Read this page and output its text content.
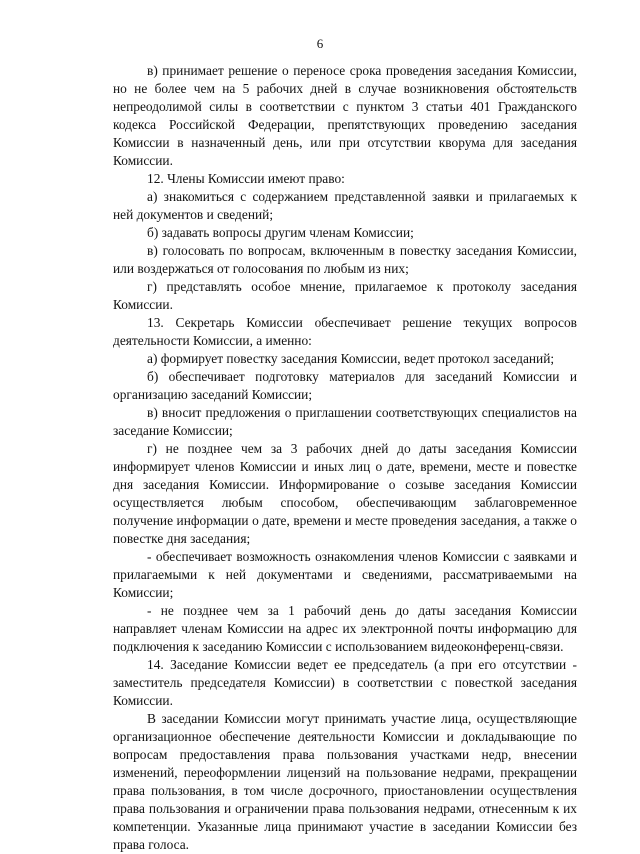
6

в) принимает решение о переносе срока проведения заседания Комиссии, но не более чем на 5 рабочих дней в случае возникновения обстоятельств непреодолимой силы в соответствии с пунктом 3 статьи 401 Гражданского кодекса Российской Федерации, препятствующих проведению заседания Комиссии в назначенный день, или при отсутствии кворума для заседания Комиссии.

12. Члены Комиссии имеют право:

а) знакомиться с содержанием представленной заявки и прилагаемых к ней документов и сведений;

б) задавать вопросы другим членам Комиссии;

в) голосовать по вопросам, включенным в повестку заседания Комиссии, или воздержаться от голосования по любым из них;

г) представлять особое мнение, прилагаемое к протоколу заседания Комиссии.

13. Секретарь Комиссии обеспечивает решение текущих вопросов деятельности Комиссии, а именно:

а) формирует повестку заседания Комиссии, ведет протокол заседаний;

б) обеспечивает подготовку материалов для заседаний Комиссии и организацию заседаний Комиссии;

в) вносит предложения о приглашении соответствующих специалистов на заседание Комиссии;

г) не позднее чем за 3 рабочих дней до даты заседания Комиссии информирует членов Комиссии и иных лиц о дате, времени, месте и повестке дня заседания Комиссии. Информирование о созыве заседания Комиссии осуществляется любым способом, обеспечивающим заблаговременное получение информации о дате, времени и месте проведения заседания, а также о повестке дня заседания;

- обеспечивает возможность ознакомления членов Комиссии с заявками и прилагаемыми к ней документами и сведениями, рассматриваемыми на Комиссии;

- не позднее чем за 1 рабочий день до даты заседания Комиссии направляет членам Комиссии на адрес их электронной почты информацию для подключения к заседанию Комиссии с использованием видеоконференц-связи.

14. Заседание Комиссии ведет ее председатель (а при его отсутствии - заместитель председателя Комиссии) в соответствии с повесткой заседания Комиссии.

В заседании Комиссии могут принимать участие лица, осуществляющие организационное обеспечение деятельности Комиссии и докладывающие по вопросам предоставления права пользования участками недр, внесении изменений, переоформлении лицензий на пользование недрами, прекращении права пользования, в том числе досрочного, приостановлении осуществления права пользования и ограничении права пользования недрами, отнесенным к их компетенции. Указанные лица принимают участие в заседании Комиссии без права голоса.
